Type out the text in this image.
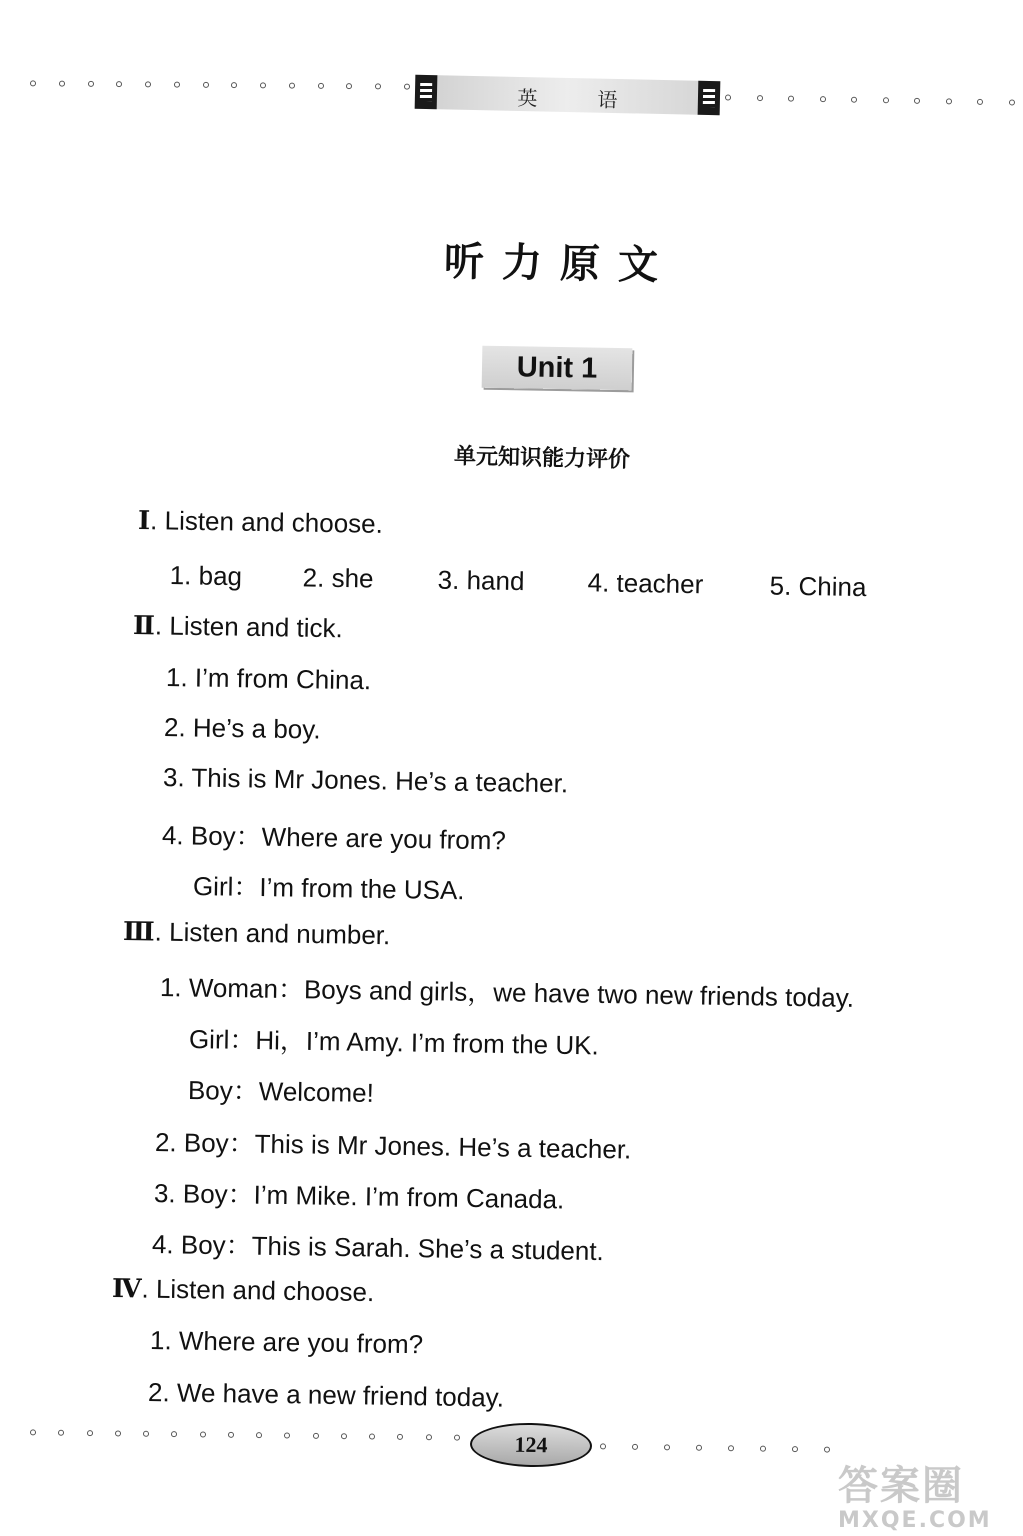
英语
听力原文
Unit 1
单元知识能力评价
Ⅰ. Listen and choose.
1. bag 2. she 3. hand 4. teacher	5. China
Ⅱ. Listen and tick.
1. I’m from China.
2. He’s a boy.
3. This is Mr Jones. He’s a teacher.
4. Boy：Where are you from?
Girl：I’m from the USA.
Ⅲ. Listen and number.
1. Woman：Boys and girls，we have two new friends today.
Girl：Hi，I’m Amy. I’m from the UK.
Boy：Welcome!
2. Boy：This is Mr Jones. He’s a teacher.
3. Boy：I’m Mike. I’m from Canada.
4. Boy：This is Sarah. She’s a student.
Ⅳ. Listen and choose.
1. Where are you from?
2. We have a new friend today.
124
答案圈
MXQE.COM
